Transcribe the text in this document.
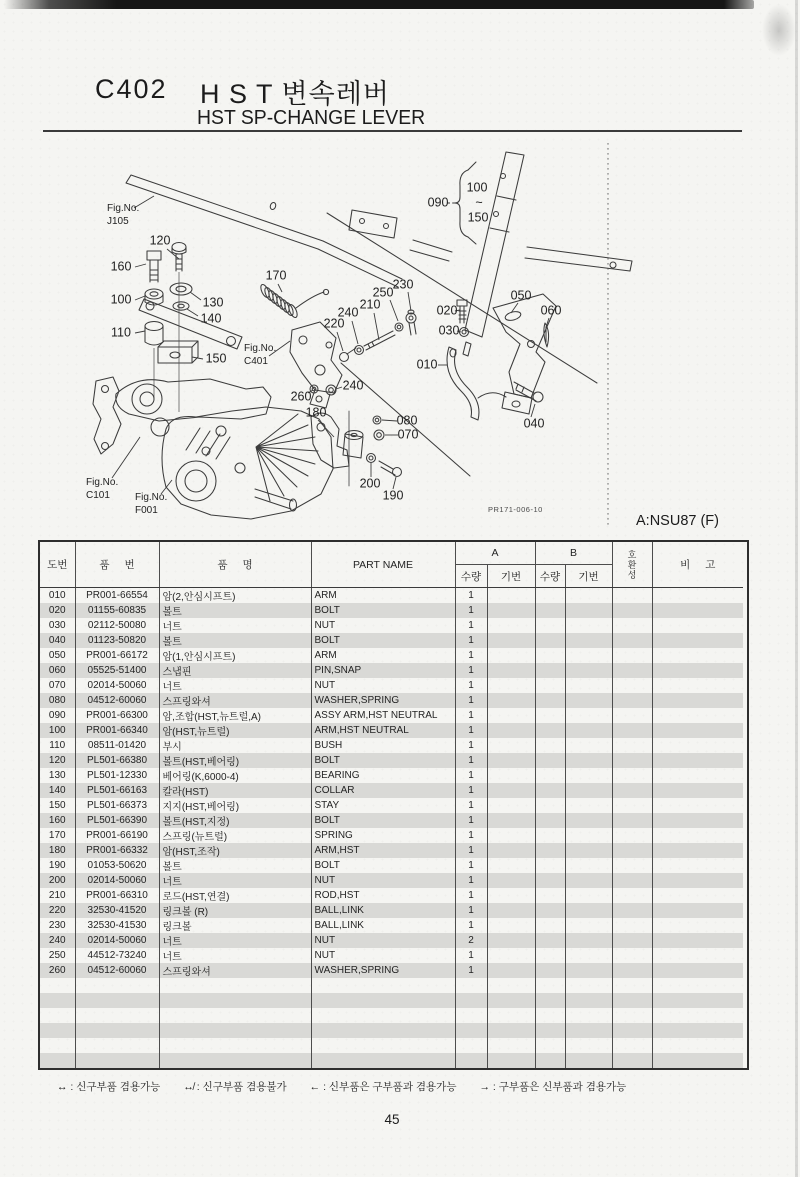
C402 H S T 변속레버
HST SP-CHANGE LEVER
120
160
100
110
130
140
150
170
220
240
210
250
230
260
240
180
080
070
200
190
090
100
~
150
020
030
050
060
010
040
Fig.No.
J105
Fig.No.
C401
Fig.No.
C101	Fig.No.
F001	PR171-006-10
A:NSU87 (F)
도번	품 번	품 명	PART NAME	A		B		호환성	비 고
				수량	기번	수량	기번		
010	PR001-66554	암(2,안심시프트)	ARM	1					
020	01155-60835	볼트	BOLT	1					
030	02112-50080	너트	NUT	1					
040	01123-50820	볼트	BOLT	1					
050	PR001-66172	암(1,안심시프트)	ARM	1					
060	05525-51400	스냅핀	PIN,SNAP	1					
070	02014-50060	너트	NUT	1					
080	04512-60060	스프링와셔	WASHER,SPRING	1					
090	PR001-66300	암,조합(HST,뉴트럴,A)	ASSY ARM,HST NEUTRAL	1					
100	PR001-66340	암(HST,뉴트럴)	ARM,HST NEUTRAL	1					
110	08511-01420	부시	BUSH	1					
120	PL501-66380	볼트(HST,베어링)	BOLT	1					
130	PL501-12330	베어링(K,6000-4)	BEARING	1					
140	PL501-66163	칼라(HST)	COLLAR	1					
150	PL501-66373	지지(HST,베어링)	STAY	1					
160	PL501-66390	볼트(HST,지정)	BOLT	1					
170	PR001-66190	스프링(뉴트럴)	SPRING	1					
180	PR001-66332	암(HST,조작)	ARM,HST	1					
190	01053-50620	볼트	BOLT	1					
200	02014-50060	너트	NUT	1					
210	PR001-66310	로드(HST,연결)	ROD,HST	1					
220	32530-41520	링크볼 (R)	BALL,LINK	1					
230	32530-41530	링크볼	BALL,LINK	1					
240	02014-50060	너트	NUT	2					
250	44512-73240	너트	NUT	1					
260	04512-60060	스프링와셔	WASHER,SPRING	1					

↔ : 신구부품 겸용가능 ↮ : 신구부품 겸용불가 ← : 신부품은 구부품과 겸용가능 → : 구부품은 신부품과 겸용가능
45
